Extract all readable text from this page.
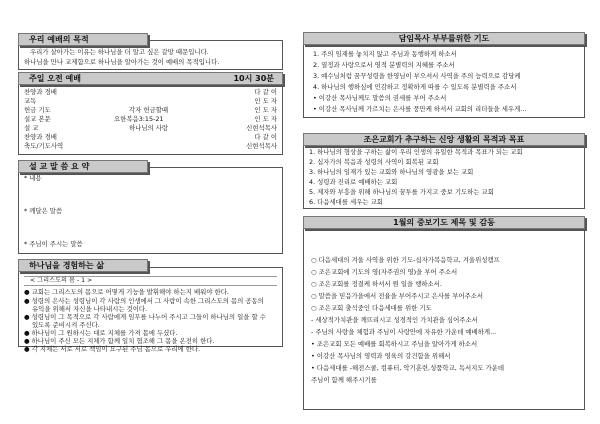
우리 예배의 목적
우리가 살아가는 이유는 하나님을 더 알고 싶은 갈망 때문입니다.
하나님을 만나 교제함으로 하나님을 알아가는 것이 예배의 목적입니다.
주일 오전 예배	10시 30분
찬양과 경배	다 같 이
교독	인 도 자
헌금 기도	각자 헌금할때	인 도 자
설교 본문	요한복음3:15-21	인 도 자
설 교	하나님의 사랑	신현석목사
찬양과 경배	다 같 이
축도/기도사역	신현석목사
설 교 말 씀 요 약
* 내용
* 깨달은 말씀
* 주님이 주시는 말씀
하나님을 경험하는 삶
< 그리스도의 몸 - 1 >
● 교회는 그리스도의 몸으로 어떻게 기능을 발휘해야 하는지 배워야 한다.
● 성령의 은사는 성령님이 각 사람의 인생에서 그 사람이 속한 그리스도의 몸의 공동의
유익을 위해서 자신을 나타내시는 것이다.
● 성령님이 그 목적으로 각 사람에게 임무를 나누어 주시고 그들이 하나님의 일을 할 수
있도록 준비시켜 주신다.
● 하나님이 그 원하시는 대로 지체를 가져 몸에 두셨다.
● 하나님이 주신 모든 지체가 함께 일치 협조해 그 몸을 온전히 한다.
● 각 지체는 서로 서로 책임이 요구된 주님 몸으로 우리에 한다.
담임목사 부부를위한 기도
1. 주의 임재를 놓치지 않고 주님과 동행하게 하소서
2. 열정과 사랑으로서 영적 분별력의 지혜를 주소서
3. 예수님처럼 꿈꾸성령을 한영님이 부으셔서 사역을 주의 능력으로 감당케
4. 하나님의 행하심에 민감하고 정확하게 따를 수 있도록 분별력을 주소서
• 이강산 목사님께도 말씀의 권세를 부어 주소서
• 이강산 목사님께 가르치는 은사를 풍만케 하셔서 교회의 리더들을 세우게...
조은교회가 추구하는 신앙 생활의 목적과 목표
1. 하나님의 형상을 구하는 삶이 우리 인생의 유일한 목적과 목표가 되는 교회
2. 십자가의 복음과 성령의 사역이 회복된 교회
3. 하나님의 임재가 있는 교회와 하나님의 영광을 보는 교회
4. 성령과 진리로 예배하는 교회
5. 제자와 부흥을 위해 하나님의 꿈투를 가지고 중보 기도하는 교회
6. 다음세대를 세우는 교회
1월의 중보기도 제목 및 감동
○ 다음세대의 겨울 사역을 위한 기도-십자가복음학교, 겨울위성캠프
○ 조은교회에 기도의 영(자주권의 영)을 부어 주소서
○ 조은교회를 정결케 하셔서 뭔 일을 행하소서.
○ 말씀을 믿음가을에서 전율을 부어주시고 은사를 부어주소서
○ 조은교회 출석중인 다음세대를 위한 기도
- 세상적가치관을 깨뜨리시고 성경적인 가치관을 심어주소서
- 주님의 사랑을 체험과 주님이 사랑안에 자유한 가운데 예배하게...
• 조은교회 모든 예배를 회복하시고 주님을 알아가게 하소서
• 이강산 목사님의 영력과 영육의 강건함을 위해서
• 다음세대를 -해전스쿨, 컴퓨터, 악기훈련,성품학교, 독서지도 가운데
주님이 함께 해주시기를
